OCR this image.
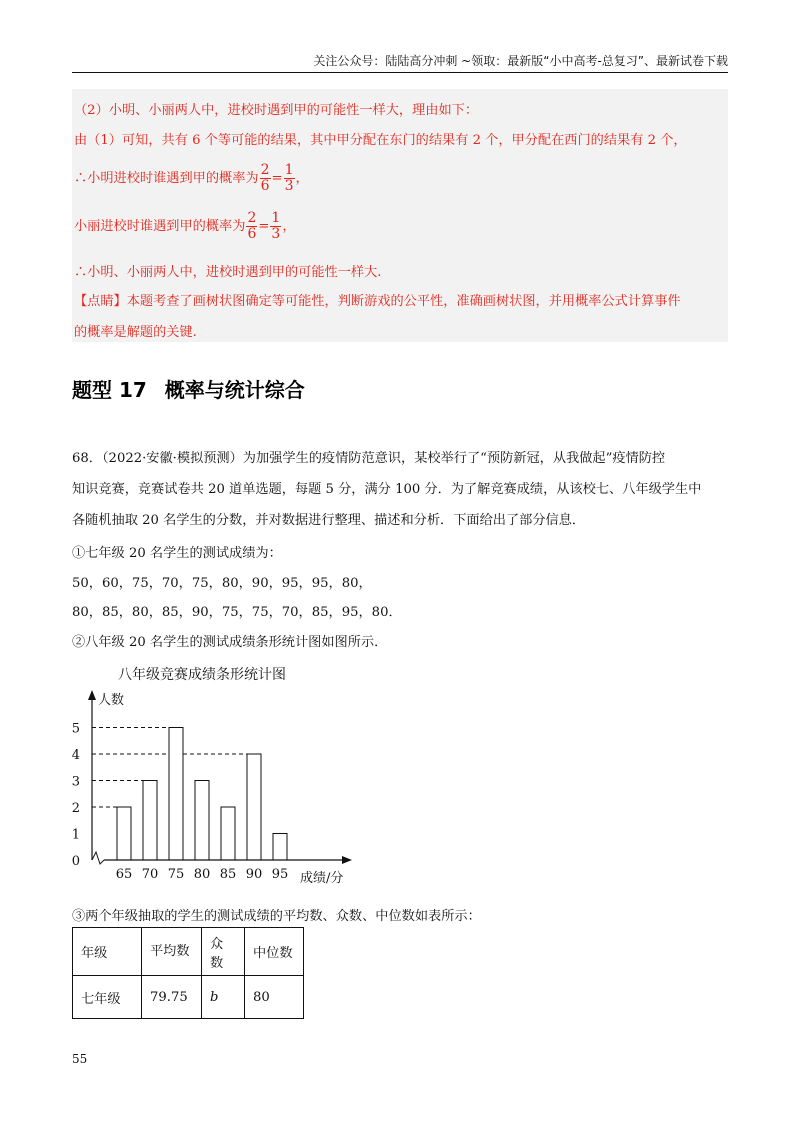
关注公众号：陆陆高分冲刺 ~领取：最新版“小中高考-总复习”、最新试卷下载
（2）小明、小丽两人中，进校时遇到甲的可能性一样大，理由如下：
由（1）可知，共有 6 个等可能的结果，其中甲分配在东门的结果有 2 个，甲分配在西门的结果有 2 个，
∴小明进校时谁遇到甲的概率为 $\frac{2}{6} = \frac{1}{3}$ ，
小丽进校时谁遇到甲的概率为 $\frac{2}{6} = \frac{1}{3}$ ，
∴小明、小丽两人中，进校时遇到甲的可能性一样大.
【点睛】本题考查了画树状图确定等可能性，判断游戏的公平性，准确画树状图，并用概率公式计算事件
的概率是解题的关键.
题型 17 概率与统计综合
68．（2022·安徽·模拟预测）为加强学生的疫情防范意识，某校举行了“预防新冠，从我做起”疫情防控
知识竞赛，竞赛试卷共 20 道单选题，每题 5 分，满分 100 分．为了解竞赛成绩，从该校七、八年级学生中
各随机抽取 20 名学生的分数，并对数据进行整理、描述和分析．下面给出了部分信息．
①七年级 20 名学生的测试成绩为：
50，60，75，70，75，80，90，95，95，80，
80，85，80，85，90，75，75，70，85，95，80．
②八年级 20 名学生的测试成绩条形统计图如图所示．
八年级竞赛成绩条形统计图
65 70 75 80 85 90 95
0
1
2
3
4
5
人数
成绩/分
③两个年级抽取的学生的测试成绩的平均数、众数、中位数如表所示：
年级	平均数	众数	中位数
七年级	79.75	b	80
55
